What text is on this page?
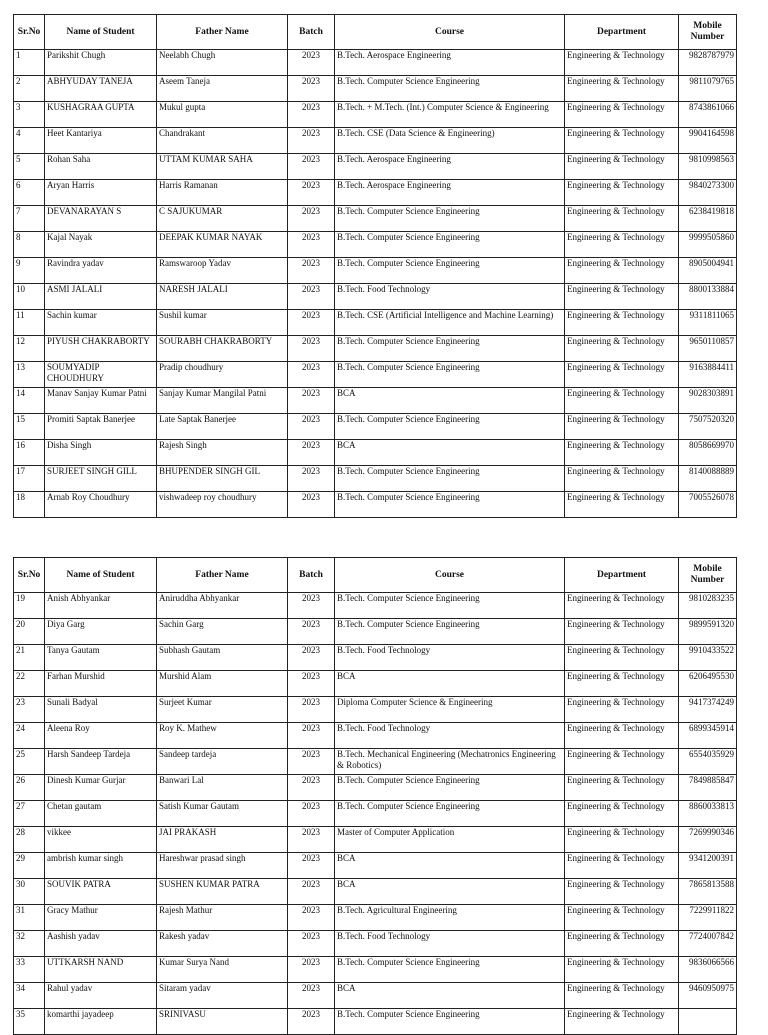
Sr.No	Name of Student	Father Name	Batch	Course	Department	Mobile Number
1	Parikshit Chugh	Neelabh Chugh	2023	B.Tech. Aerospace Engineering	Engineering & Technology	9828787979
2	ABHYUDAY TANEJA	Aseem Taneja	2023	B.Tech. Computer Science Engineering	Engineering & Technology	9811079765
3	KUSHAGRAA GUPTA	Mukul gupta	2023	B.Tech. + M.Tech. (Int.) Computer Science & Engineering	Engineering & Technology	8743861066
4	Heet Kantariya	Chandrakant	2023	B.Tech. CSE (Data Science & Engineering)	Engineering & Technology	9904164598
5	Rohan Saha	UTTAM KUMAR SAHA	2023	B.Tech. Aerospace Engineering	Engineering & Technology	9810998563
6	Aryan Harris	Harris Ramanan	2023	B.Tech. Aerospace Engineering	Engineering & Technology	9840273300
7	DEVANARAYAN S	C SAJUKUMAR	2023	B.Tech. Computer Science Engineering	Engineering & Technology	6238419818
8	Kajal Nayak	DEEPAK KUMAR NAYAK	2023	B.Tech. Computer Science Engineering	Engineering & Technology	9999505860
9	Ravindra yadav	Ramswaroop Yadav	2023	B.Tech. Computer Science Engineering	Engineering & Technology	8905004941
10	ASMI JALALI	NARESH JALALI	2023	B.Tech. Food Technology	Engineering & Technology	8800133884
11	Sachin kumar	Sushil kumar	2023	B.Tech. CSE (Artificial Intelligence and Machine Learning)	Engineering & Technology	9311811065
12	PIYUSH CHAKRABORTY	SOURABH CHAKRABORTY	2023	B.Tech. Computer Science Engineering	Engineering & Technology	9650110857
13	SOUMYADIP CHOUDHURY	Pradip choudhury	2023	B.Tech. Computer Science Engineering	Engineering & Technology	9163884411
14	Manav Sanjay Kumar Patni	Sanjay Kumar Mangilal Patni	2023	BCA	Engineering & Technology	9028303891
15	Promiti Saptak Banerjee	Late Saptak Banerjee	2023	B.Tech. Computer Science Engineering	Engineering & Technology	7507520320
16	Disha Singh	Rajesh Singh	2023	BCA	Engineering & Technology	8058669970
17	SURJEET SINGH GILL	BHUPENDER SINGH GIL	2023	B.Tech. Computer Science Engineering	Engineering & Technology	8140088889
18	Arnab Roy Choudhury	vishwadeep roy choudhury	2023	B.Tech. Computer Science Engineering	Engineering & Technology	7005526078
Sr.No	Name of Student	Father Name	Batch	Course	Department	Mobile Number
19	Anish Abhyankar	Aniruddha Abhyankar	2023	B.Tech. Computer Science Engineering	Engineering & Technology	9810283235
20	Diya Garg	Sachin Garg	2023	B.Tech. Computer Science Engineering	Engineering & Technology	9899591320
21	Tanya Gautam	Subhash Gautam	2023	B.Tech. Food Technology	Engineering & Technology	9910433522
22	Farhan Murshid	Murshid Alam	2023	BCA	Engineering & Technology	6206495530
23	Sunali Badyal	Surjeet Kumar	2023	Diploma Computer Science & Engineering	Engineering & Technology	9417374249
24	Aleena Roy	Roy K. Mathew	2023	B.Tech. Food Technology	Engineering & Technology	6899345914
25	Harsh Sandeep Tardeja	Sandeep tardeja	2023	B.Tech. Mechanical Engineering (Mechatronics Engineering & Robotics)	Engineering & Technology	6554035929
26	Dinesh Kumar Gurjar	Banwari Lal	2023	B.Tech. Computer Science Engineering	Engineering & Technology	7849885847
27	Chetan gautam	Satish Kumar Gautam	2023	B.Tech. Computer Science Engineering	Engineering & Technology	8860033813
28	vikkee	JAI PRAKASH	2023	Master of Computer Application	Engineering & Technology	7269990346
29	ambrish kumar singh	Hareshwar prasad singh	2023	BCA	Engineering & Technology	9341200391
30	SOUVIK PATRA	SUSHEN KUMAR PATRA	2023	BCA	Engineering & Technology	7865813588
31	Gracy Mathur	Rajesh Mathur	2023	B.Tech. Agricultural Engineering	Engineering & Technology	7229911822
32	Aashish yadav	Rakesh yadav	2023	B.Tech. Food Technology	Engineering & Technology	7724007842
33	UTTKARSH NAND	Kumar Surya Nand	2023	B.Tech. Computer Science Engineering	Engineering & Technology	9836066566
34	Rahul yadav	Sitaram yadav	2023	BCA	Engineering & Technology	9460950975
35	komarthi jayadeep	SRINIVASU	2023	B.Tech. Computer Science Engineering	Engineering & Technology	
